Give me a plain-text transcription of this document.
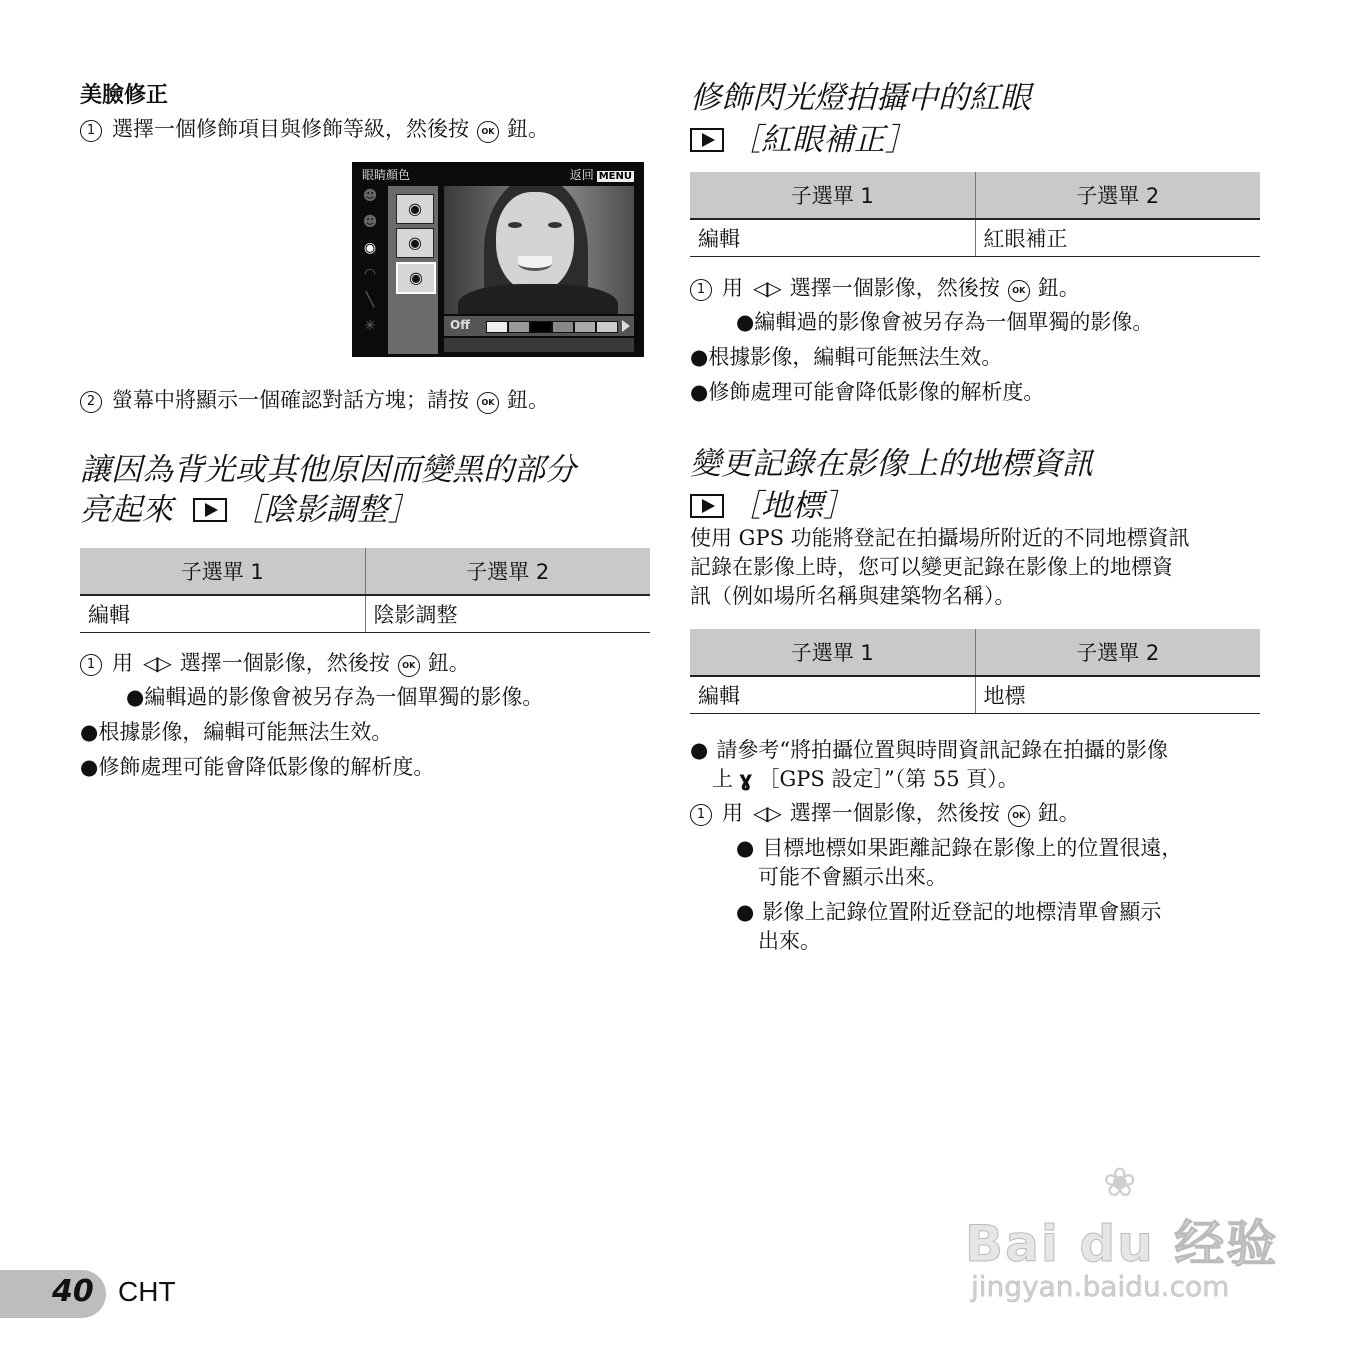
美臉修正
1 選擇一個修飾項目與修飾等級，然後按 OK 鈕。
眼睛顏色	返回 MENU
☻
☻
◉
◠
╲
✳
◉
◉
◉
Off
2 螢幕中將顯示一個確認對話方塊；請按 OK 鈕。
讓因為背光或其他原因而變黑的部分
亮起來 ［陰影調整］
子選單 1	子選單 2
編輯	陰影調整
1 用 ◁▷ 選擇一個影像，然後按 OK 鈕。
●編輯過的影像會被另存為一個單獨的影像。
●根據影像，編輯可能無法生效。
●修飾處理可能會降低影像的解析度。
修飾閃光燈拍攝中的紅眼
［紅眼補正］
子選單 1	子選單 2
編輯	紅眼補正
1 用 ◁▷ 選擇一個影像，然後按 OK 鈕。
●編輯過的影像會被另存為一個單獨的影像。
●根據影像，編輯可能無法生效。
●修飾處理可能會降低影像的解析度。
變更記錄在影像上的地標資訊
［地標］
使用 GPS 功能將登記在拍攝場所附近的不同地標資訊
記錄在影像上時，您可以變更記錄在影像上的地標資
訊（例如場所名稱與建築物名稱）。
子選單 1	子選單 2
編輯	地標
● 請參考“將拍攝位置與時間資訊記錄在拍攝的影像
上 ɣ ［GPS 設定］”（第 55 頁）。
1 用 ◁▷ 選擇一個影像，然後按 OK 鈕。
● 目標地標如果距離記錄在影像上的位置很遠，
可能不會顯示出來。
● 影像上記錄位置附近登記的地標清單會顯示
出來。
40 CHT
❀
Bai du 经验
jingyan.baidu.com
